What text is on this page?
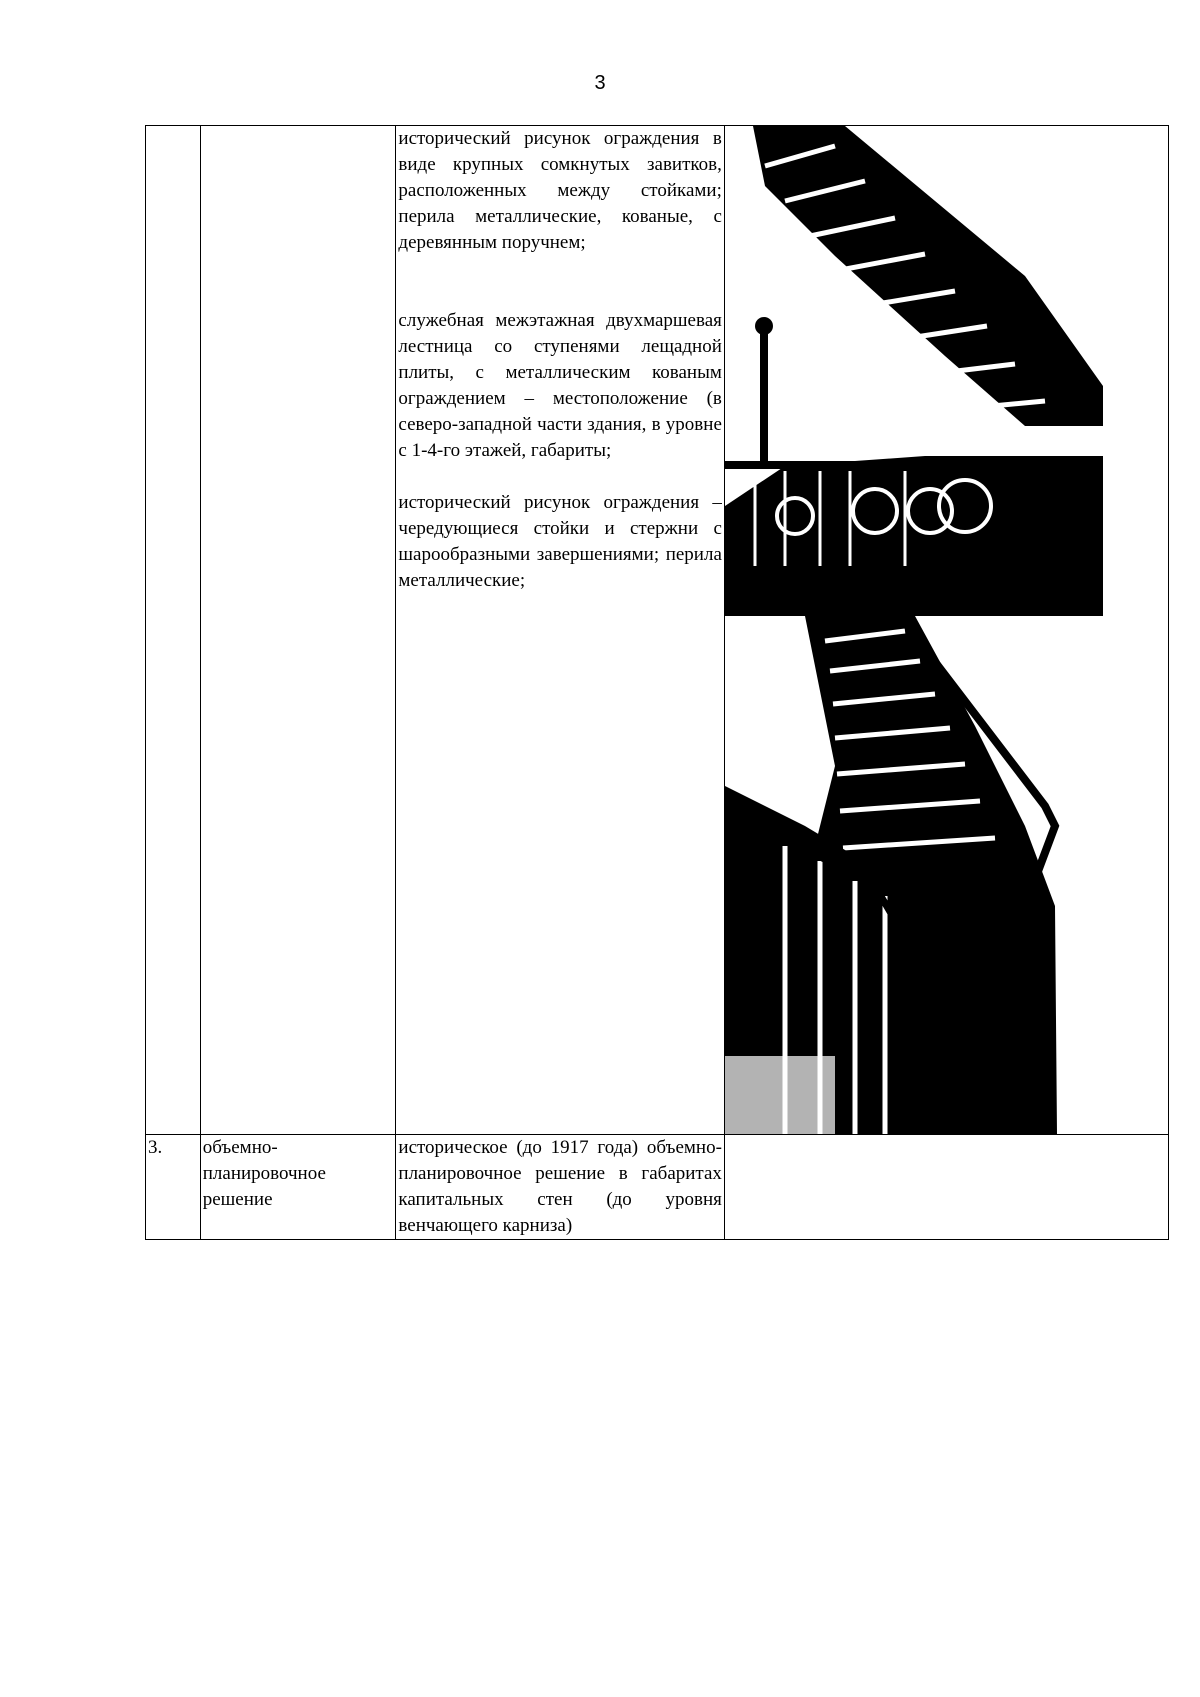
3

		исторический рисунок ограждения в виде крупных сомкнутых завитков, расположенных между стойками; перила металлические, кованые, с деревянным поручнем;

служебная межэтажная двухмаршевая лестница со ступенями лещадной плиты, с металлическим кованым ограждением – местоположение (в северо-западной части здания, в уровне с 1-4-го этажей, габариты;

исторический рисунок ограждения – чередующиеся стойки и стержни с шарообразными завершениями; перила металлические;

3.	объемно-планировочное решение	историческое (до 1917 года) объемно-планировочное решение в габаритах капитальных стен (до уровня венчающего карниза)	
